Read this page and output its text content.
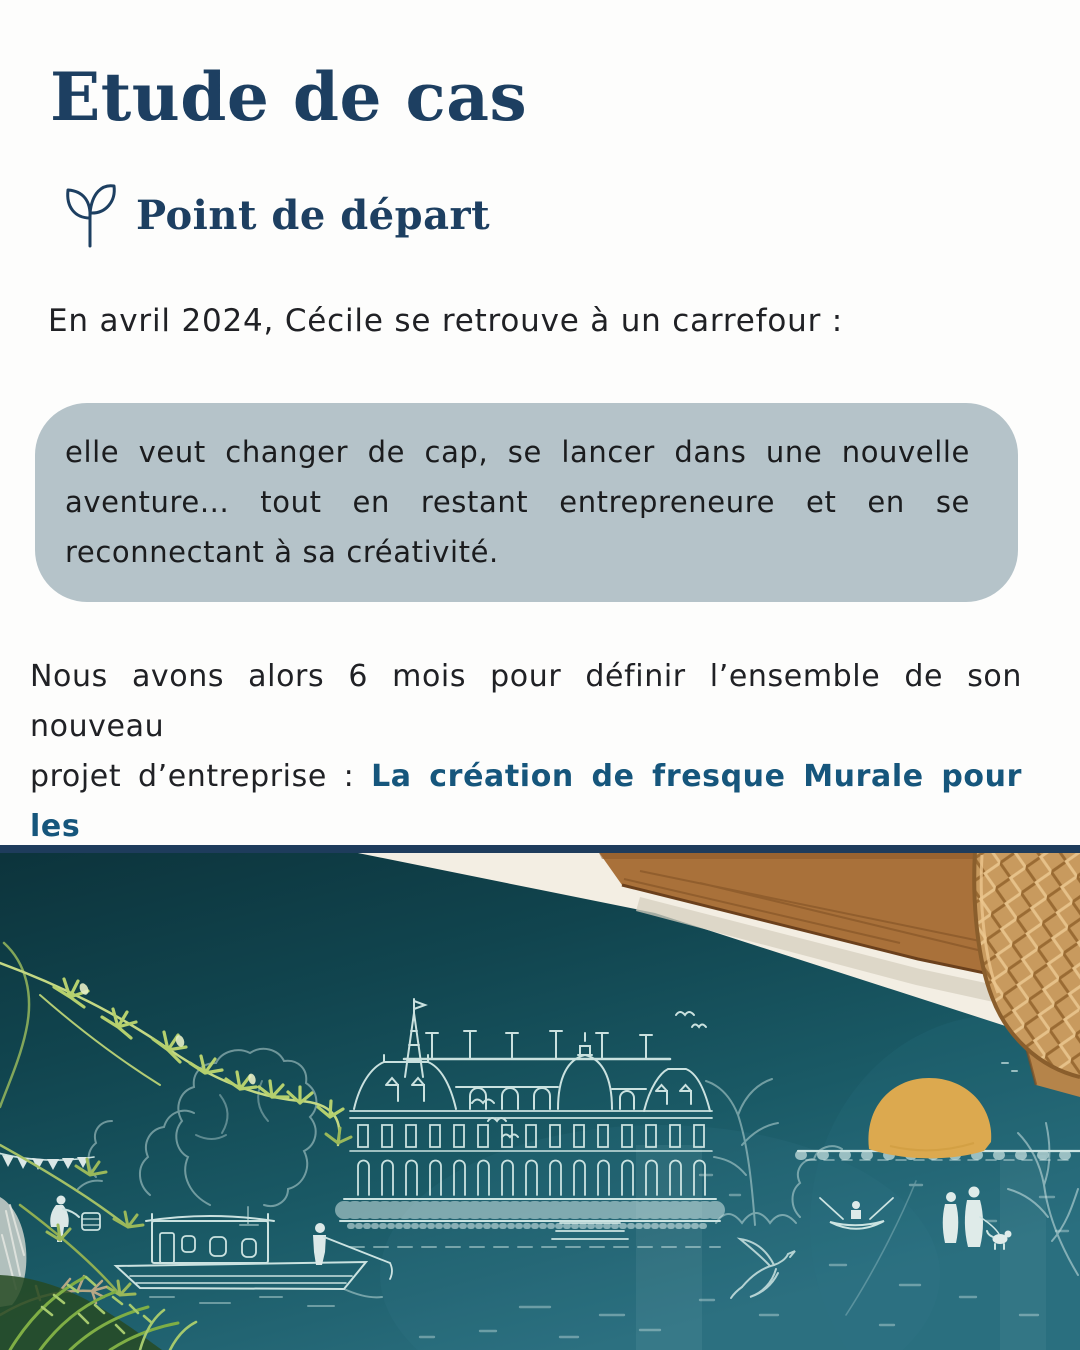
Etude de cas
Point de départ

En avril 2024, Cécile se retrouve à un carrefour :

elle veut changer de cap, se lancer dans une nouvelle
aventure... tout en restant entrepreneure et en se
reconnectant à sa créativité.
Nous avons alors 6 mois pour définir l’ensemble de son nouveau
projet d’entreprise : La création de fresque Murale pour les
